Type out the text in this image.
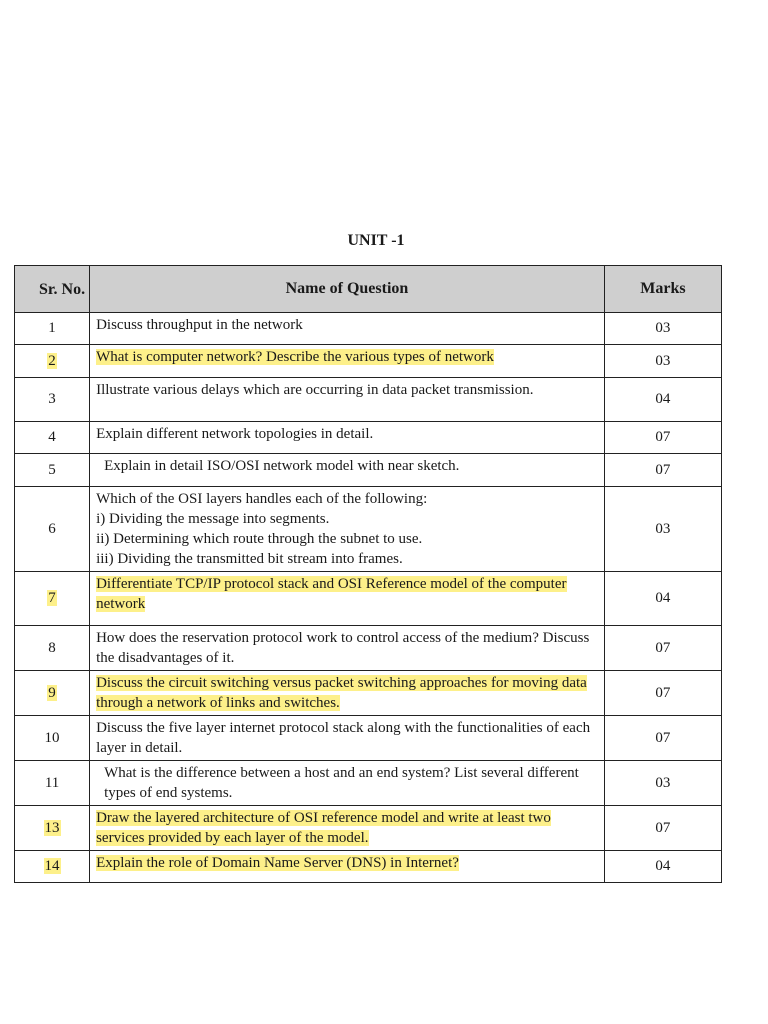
UNIT -1
Sr. No.	Name of Question	Marks
1	Discuss throughput in the network	03
2	What is computer network? Describe the various types of network	03
3	Illustrate various delays which are occurring in data packet transmission.	04
4	Explain different network topologies in detail.	07
5	Explain in detail ISO/OSI network model with near sketch.	07
6	Which of the OSI layers handles each of the following:
i) Dividing the message into segments.
ii) Determining which route through the subnet to use.
iii) Dividing the transmitted bit stream into frames.	03
7	Differentiate TCP/IP protocol stack and OSI Reference model of the computer network	04
8	How does the reservation protocol work to control access of the medium? Discuss the disadvantages of it.	07
9	Discuss the circuit switching versus packet switching approaches for moving data through a network of links and switches.	07
10	Discuss the five layer internet protocol stack along with the functionalities of each layer in detail.	07
11	What is the difference between a host and an end system? List several different types of end systems.	03
13	Draw the layered architecture of OSI reference model and write at least two services provided by each layer of the model.	07
14	Explain the role of Domain Name Server (DNS) in Internet?	04
